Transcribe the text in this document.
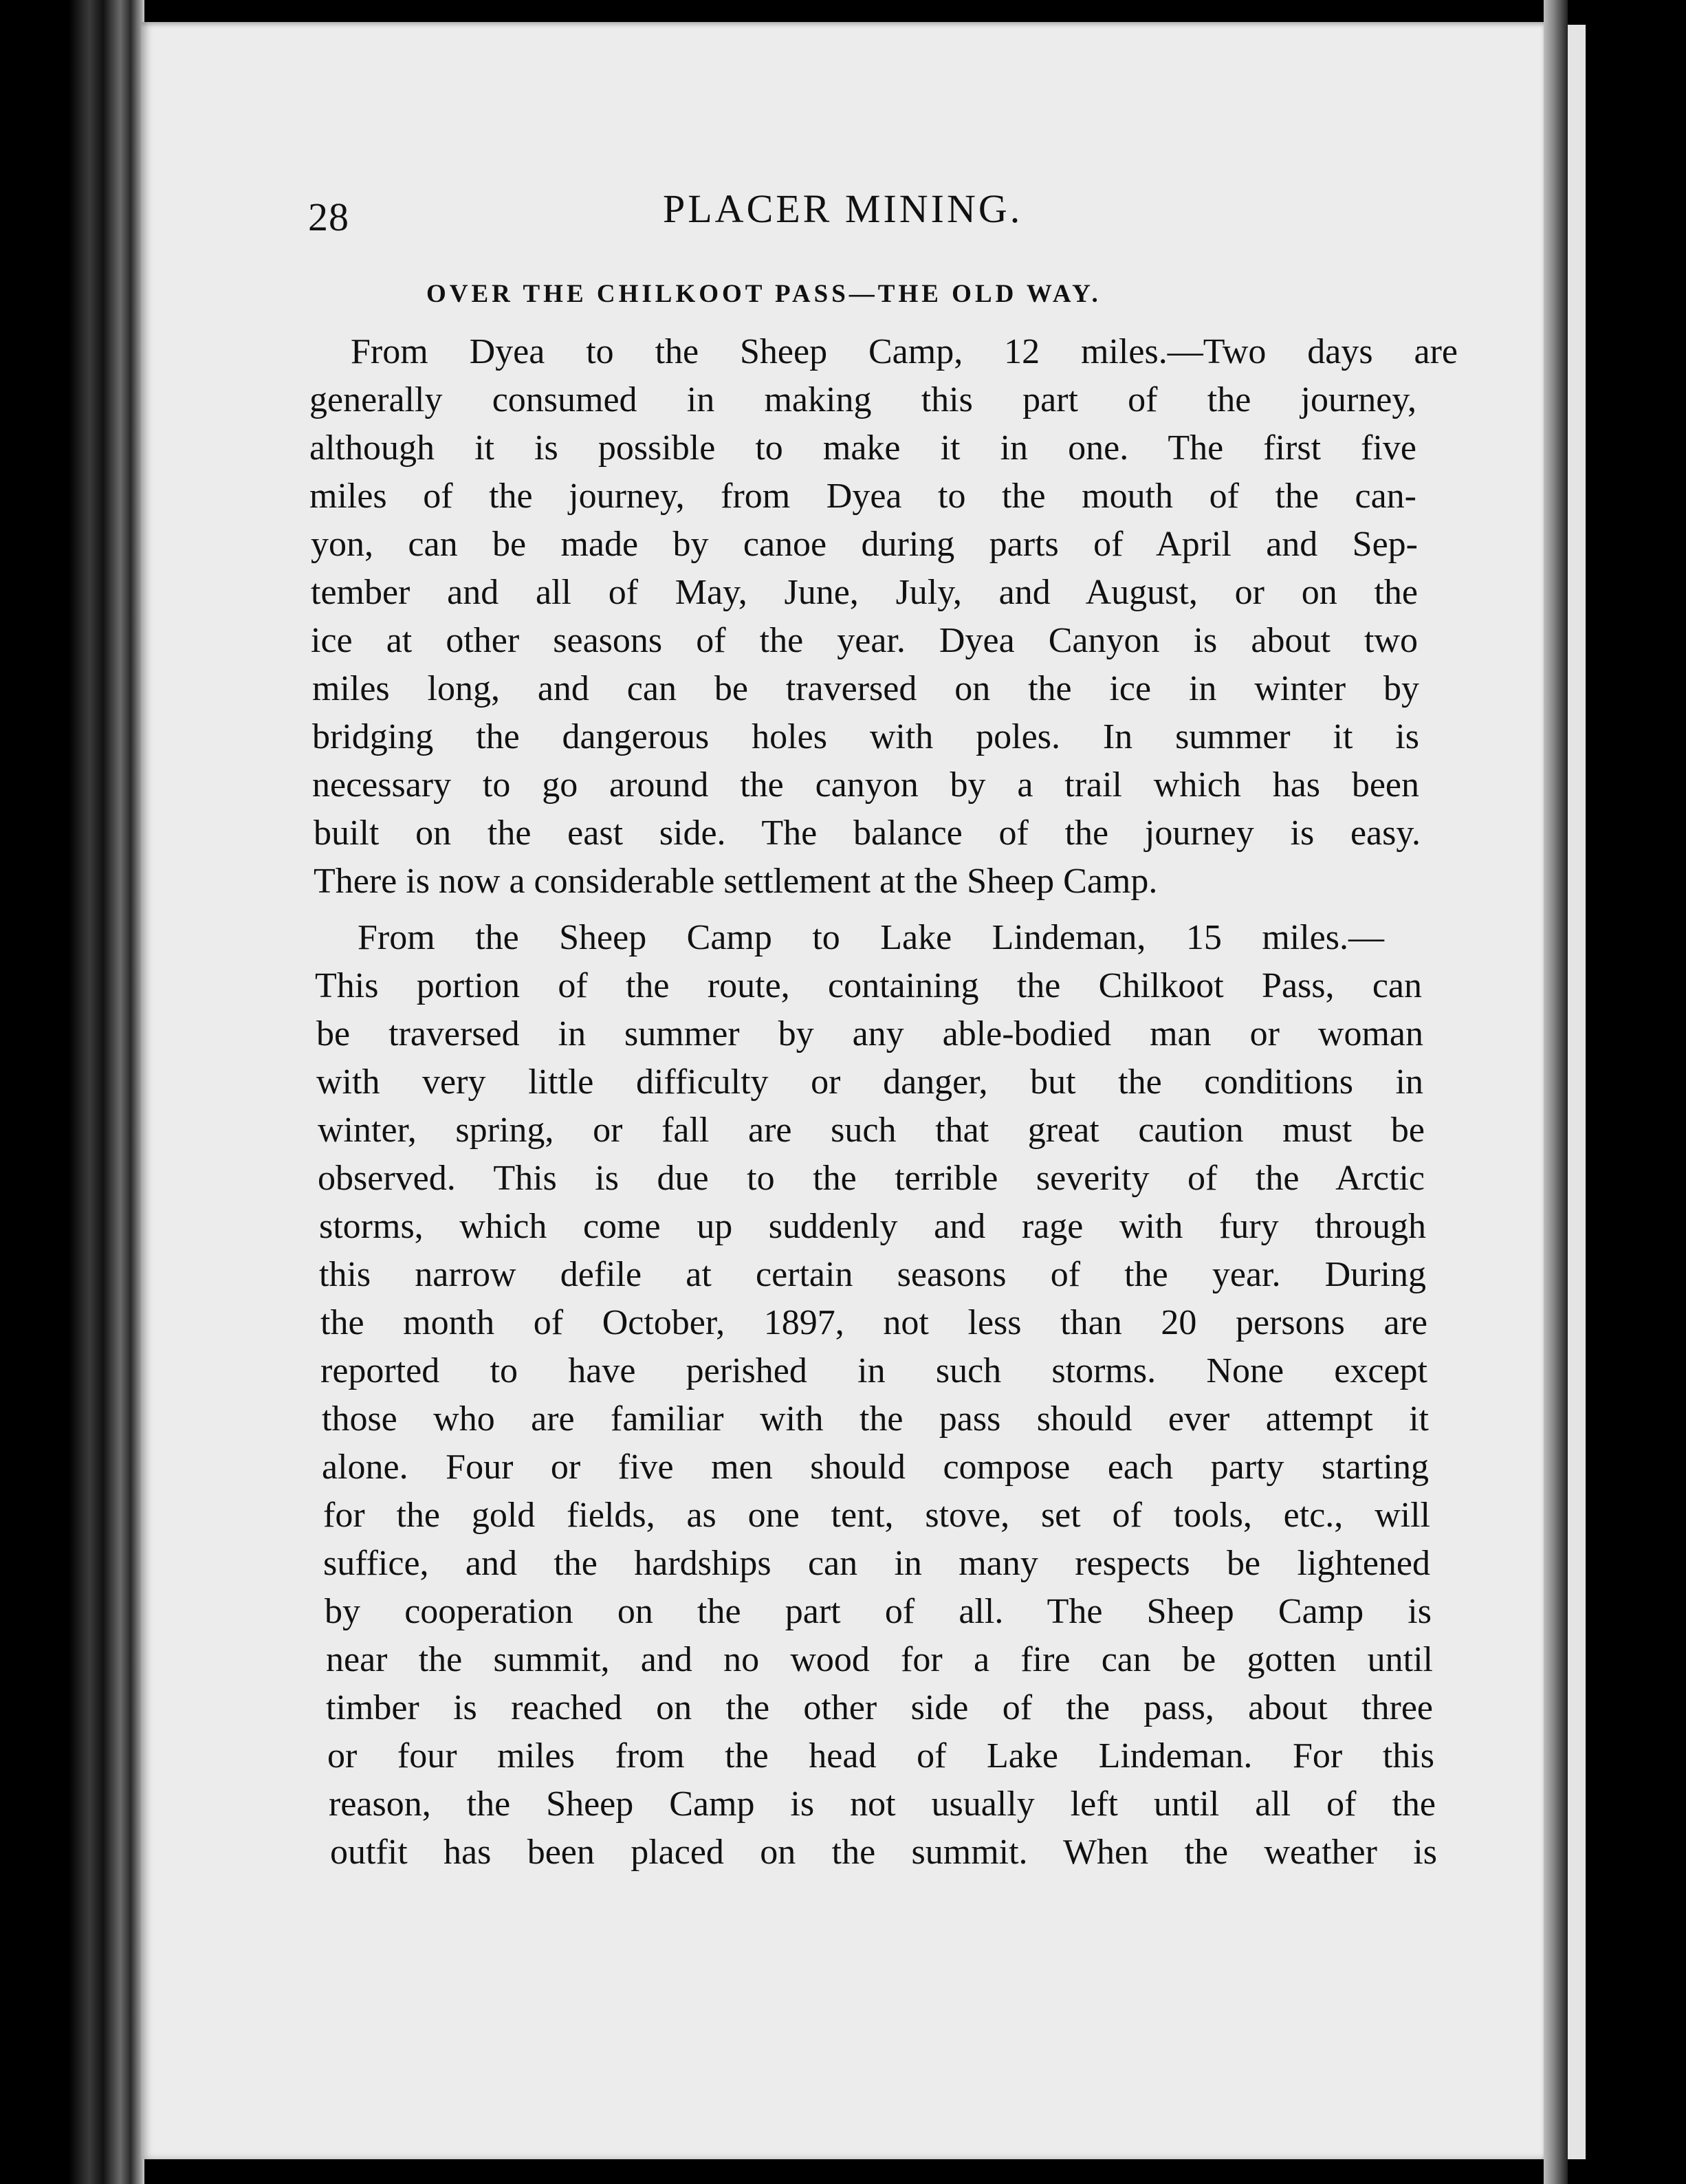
28	PLACER MINING.
OVER THE CHILKOOT PASS—THE OLD WAY.
From Dyea to the Sheep Camp, 12 miles.—Two days are
generally consumed in making this part of the journey,
although it is possible to make it in one. The first five
miles of the journey, from Dyea to the mouth of the can-
yon, can be made by canoe during parts of April and Sep-
tember and all of May, June, July, and August, or on the
ice at other seasons of the year. Dyea Canyon is about two
miles long, and can be traversed on the ice in winter by
bridging the dangerous holes with poles. In summer it is
necessary to go around the canyon by a trail which has been
built on the east side. The balance of the journey is easy.
There is now a considerable settlement at the Sheep Camp.
From the Sheep Camp to Lake Lindeman, 15 miles.—
This portion of the route, containing the Chilkoot Pass, can
be traversed in summer by any able-bodied man or woman
with very little difficulty or danger, but the conditions in
winter, spring, or fall are such that great caution must be
observed. This is due to the terrible severity of the Arctic
storms, which come up suddenly and rage with fury through
this narrow defile at certain seasons of the year. During
the month of October, 1897, not less than 20 persons are
reported to have perished in such storms. None except
those who are familiar with the pass should ever attempt it
alone. Four or five men should compose each party starting
for the gold fields, as one tent, stove, set of tools, etc., will
suffice, and the hardships can in many respects be lightened
by cooperation on the part of all. The Sheep Camp is
near the summit, and no wood for a fire can be gotten until
timber is reached on the other side of the pass, about three
or four miles from the head of Lake Lindeman. For this
reason, the Sheep Camp is not usually left until all of the
outfit has been placed on the summit. When the weather is
